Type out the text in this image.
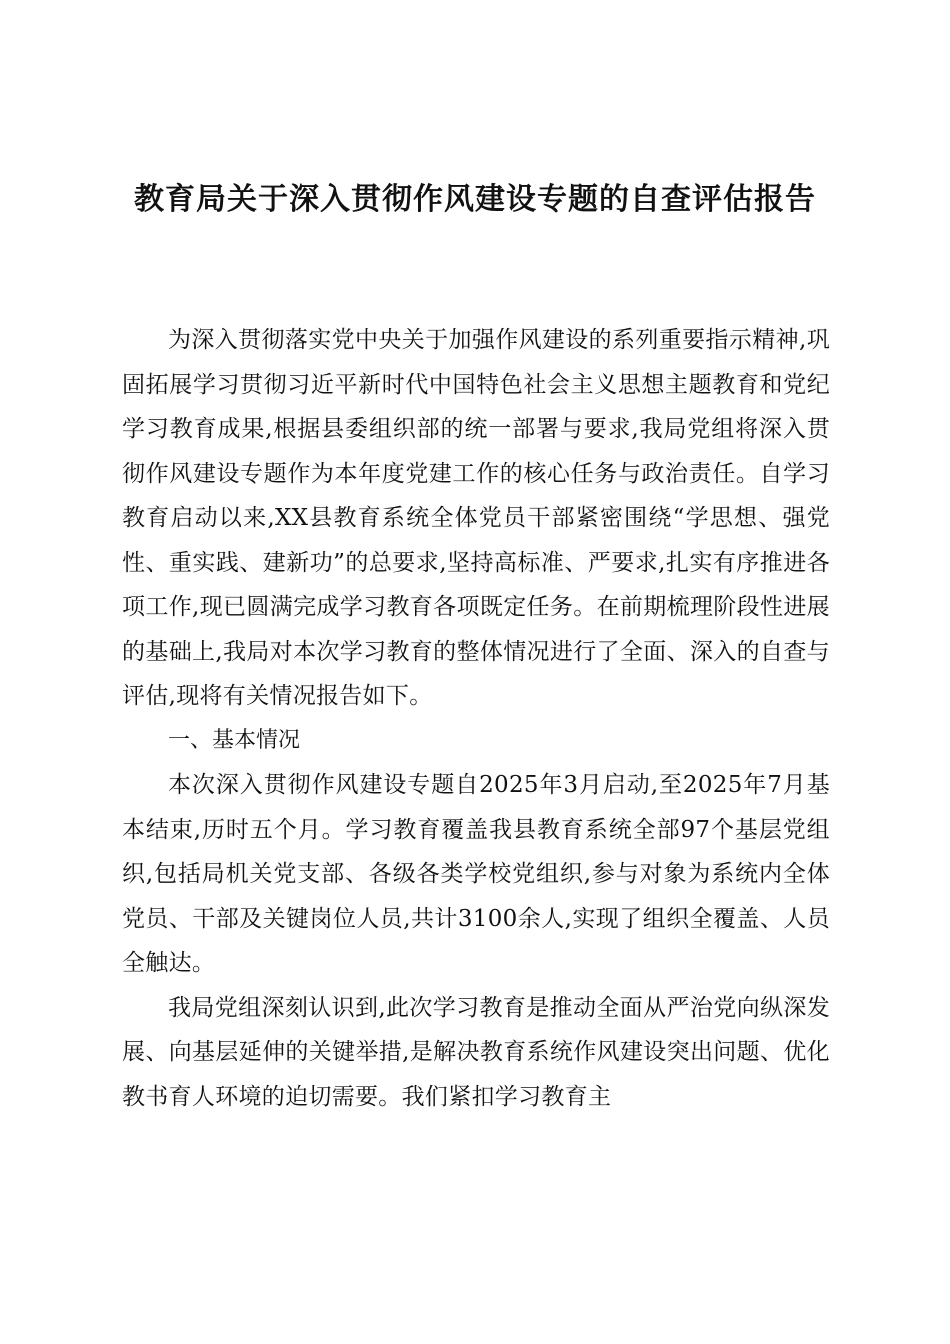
教育局关于深入贯彻作风建设专题的自查评估报告

为深入贯彻落实党中央关于加强作风建设的系列重要指示精神,巩固拓展学习贯彻习近平新时代中国特色社会主义思想主题教育和党纪学习教育成果,根据县委组织部的统一部署与要求,我局党组将深入贯彻作风建设专题作为本年度党建工作的核心任务与政治责任。自学习教育启动以来,XX县教育系统全体党员干部紧密围绕“学思想、强党性、重实践、建新功”的总要求,坚持高标准、严要求,扎实有序推进各项工作,现已圆满完成学习教育各项既定任务。在前期梳理阶段性进展的基础上,我局对本次学习教育的整体情况进行了全面、深入的自查与评估,现将有关情况报告如下。

一、基本情况

本次深入贯彻作风建设专题自2025年3月启动,至2025年7月基本结束,历时五个月。学习教育覆盖我县教育系统全部97个基层党组织,包括局机关党支部、各级各类学校党组织,参与对象为系统内全体党员、干部及关键岗位人员,共计3100余人,实现了组织全覆盖、人员全触达。

我局党组深刻认识到,此次学习教育是推动全面从严治党向纵深发展、向基层延伸的关键举措,是解决教育系统作风建设突出问题、优化教书育人环境的迫切需要。我们紧扣学习教育主
